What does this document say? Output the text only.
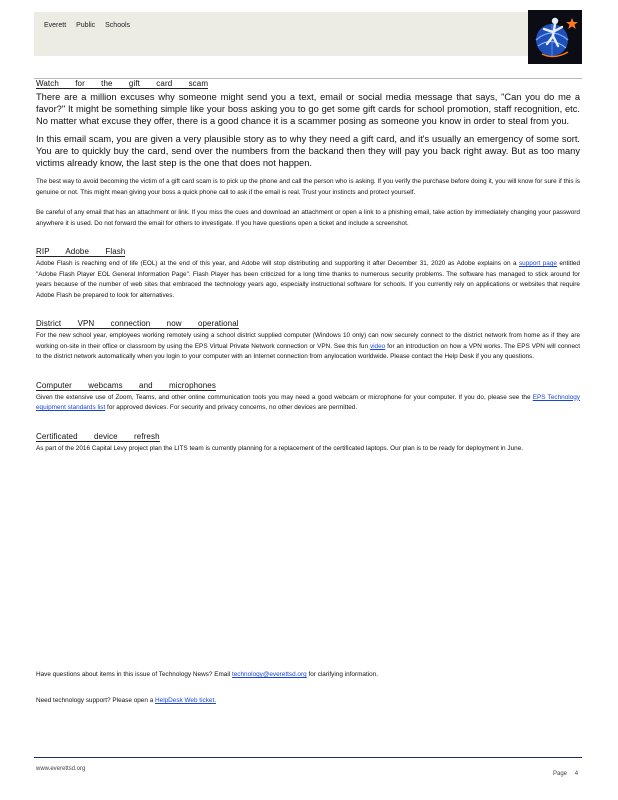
Everett Public Schools
Watch for the gift card scam

There are a million excuses why someone might send you a text, email or social media message that says, "Can you do me a favor?" It might be something simple like your boss asking you to go get some gift cards for school promotion, staff recognition, etc. No matter what excuse they offer, there is a good chance it is a scammer posing as someone you know in order to steal from you.

In this email scam, you are given a very plausible story as to why they need a gift card, and it's usually an emergency of some sort. You are to quickly buy the card, send over the numbers from the backand then they will pay you back right away. But as too many victims already know, the last step is the one that does not happen.

The best way to avoid becoming the victim of a gift card scam is to pick up the phone and call the person who is asking. If you verify the purchase before doing it, you will know for sure if this is genuine or not. This might mean giving your boss a quick phone call to ask if the email is real. Trust your instincts and protect yourself.

Be careful of any email that has an attachment or link. If you miss the cues and download an attachment or open a link to a phishing email, take action by immediately changing your password anywhere it is used. Do not forward the email for others to investigate. If you have questions open a ticket and include a screenshot.

RIP Adobe Flash

Adobe Flash is reaching end of life (EOL) at the end of this year, and Adobe will stop distributing and supporting it after December 31, 2020 as Adobe explains on a support page entitled "Adobe Flash Player EOL General Information Page". Flash Player has been criticized for a long time thanks to numerous security problems. The software has managed to stick around for years because of the number of web sites that embraced the technology years ago, especially instructional software for schools. If you currently rely on applications or websites that require Adobe Flash be prepared to look for alternatives.

District VPN connection now operational

For the new school year, employees working remotely using a school district supplied computer (Windows 10 only) can now securely connect to the district network from home as if they are working on-site in their office or classroom by using the EPS Virtual Private Network connection or VPN. See this fun video for an introduction on how a VPN works. The EPS VPN will connect to the district network automatically when you login to your computer with an Internet connection from anylocation worldwide. Please contact the Help Desk if you any questions.

Computer webcams and microphones

Given the extensive use of Zoom, Teams, and other online communication tools you may need a good webcam or microphone for your computer. If you do, please see the EPS Technology equipment standards list for approved devices. For security and privacy concerns, no other devices are permitted.

Certificated device refresh

As part of the 2016 Capital Levy project plan the LITS team is currently planning for a replacement of the certificated laptops. Our plan is to be ready for deployment in June.

Have questions about items in this issue of Technology News? Email technology@everettsd.org for clarifying information.
Need technology support? Please open a HelpDesk Web ticket.
www.everettsd.org
Page 4
